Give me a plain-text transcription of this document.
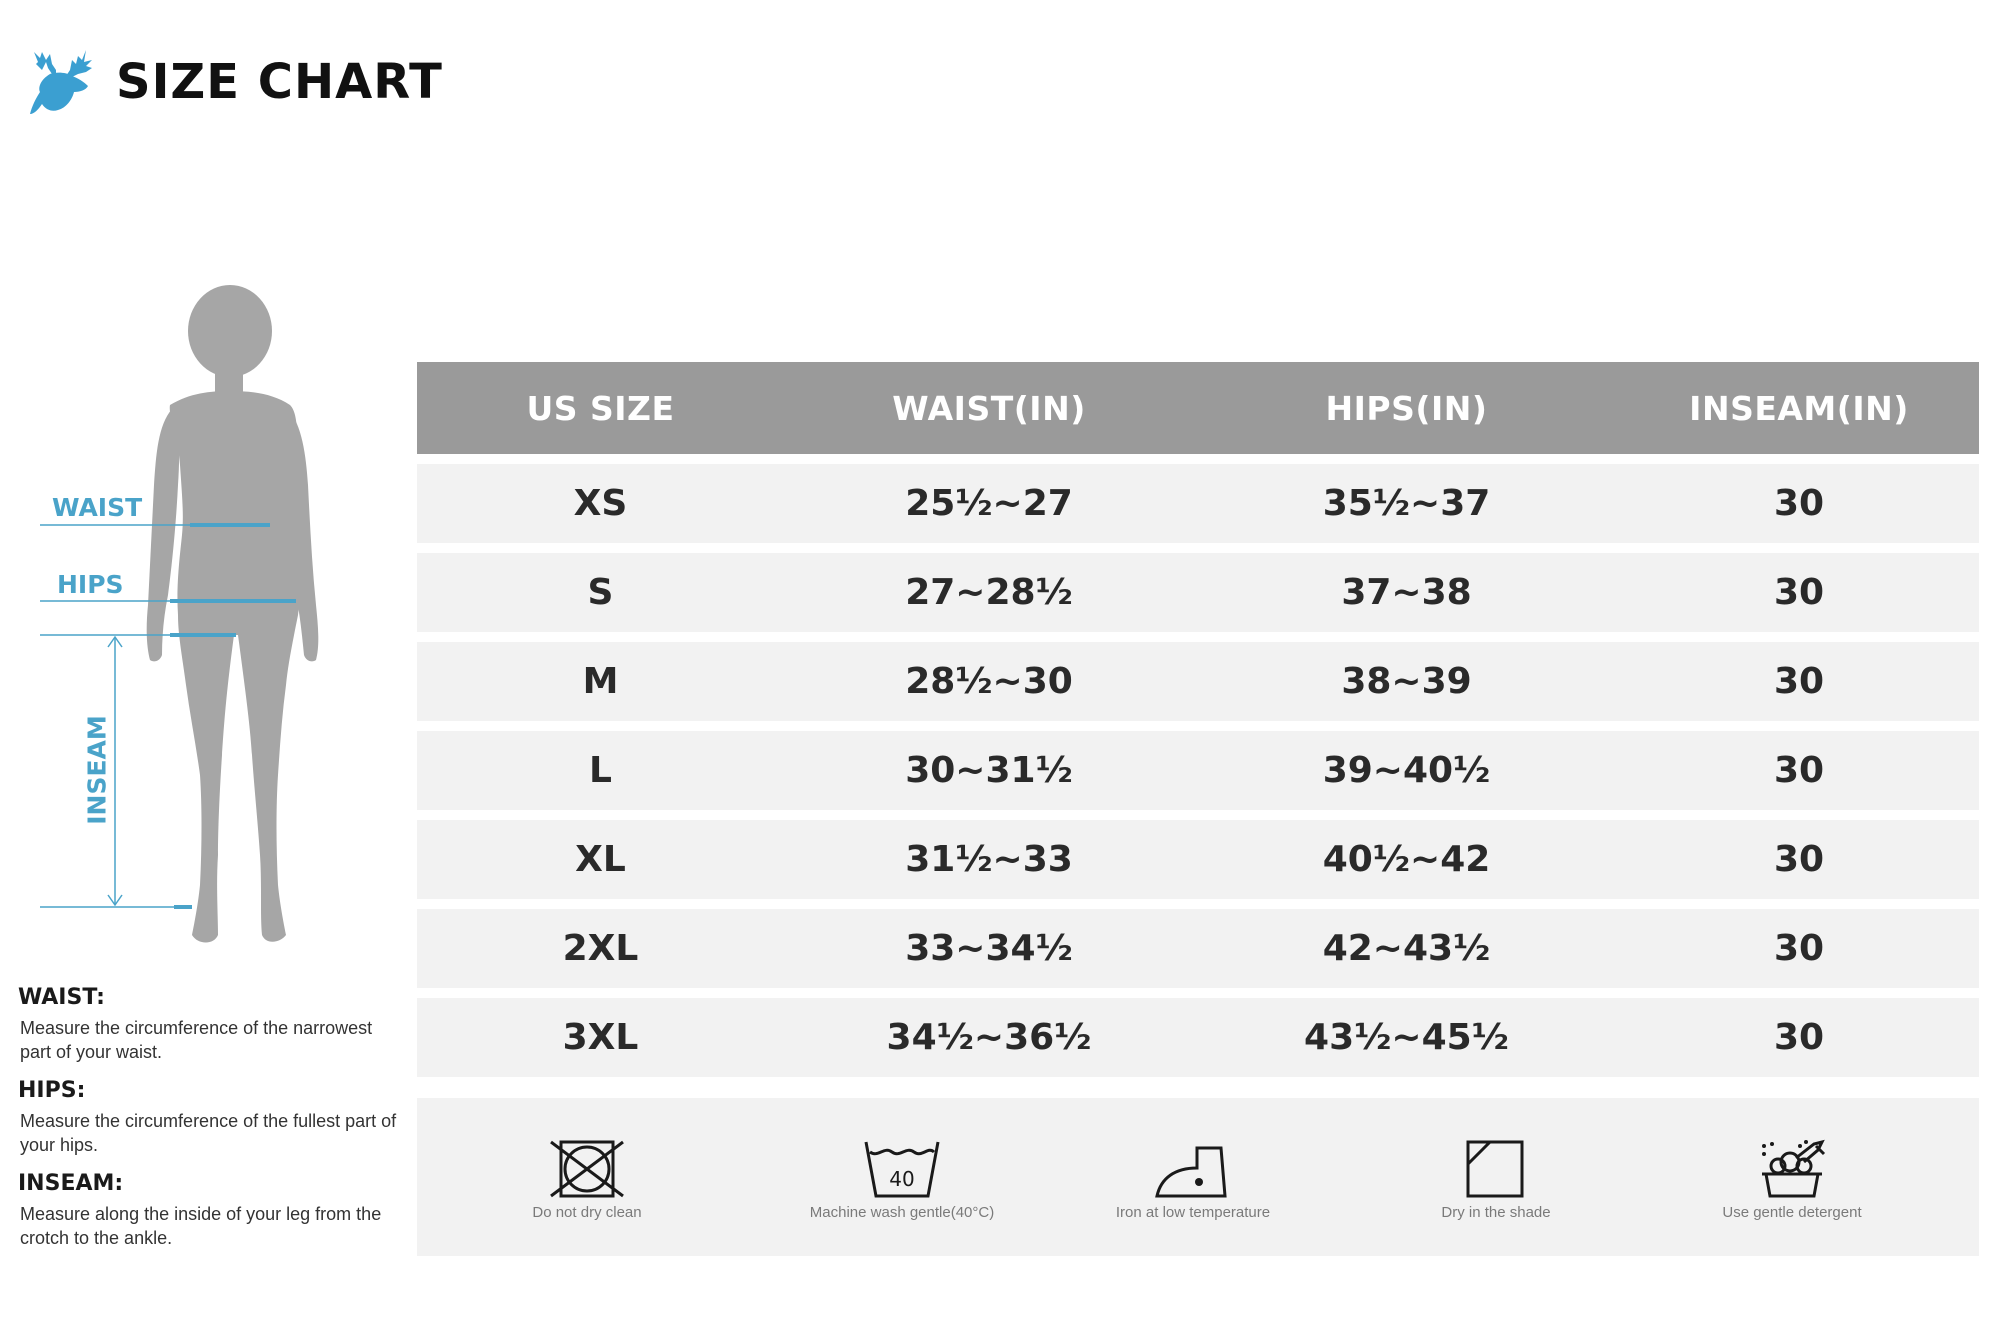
SIZE CHART
WAIST
HIPS
INSEAM
WAIST:
Measure the circumference of the narrowest part of your waist.
HIPS:
Measure the circumference of the fullest part of your hips.
INSEAM:
Measure along the inside of your leg from the crotch to the ankle.
US SIZE	WAIST(IN)	HIPS(IN)	INSEAM(IN)
XS	25½~27	35½~37	30
S	27~28½	37~38	30
M	28½~30	38~39	30
L	30~31½	39~40½	30
XL	31½~33	40½~42	30
2XL	33~34½	42~43½	30
3XL	34½~36½	43½~45½	30
Do not dry clean
40
Machine wash gentle(40°C)	Iron at low temperature	Dry in the shade	Use gentle detergent
